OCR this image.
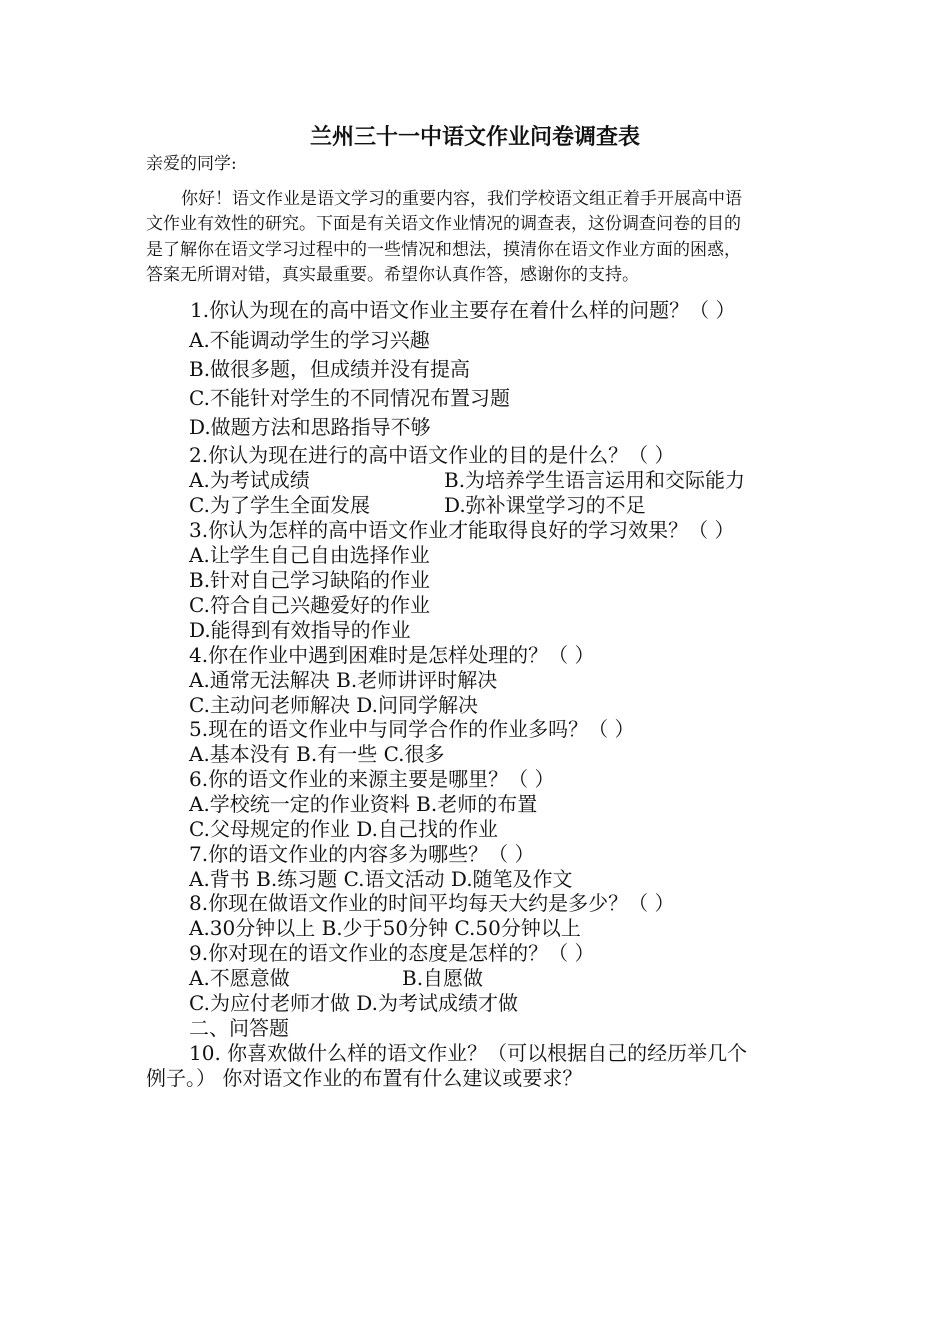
兰州三十一中语文作业问卷调查表
亲爱的同学:
你好！语文作业是语文学习的重要内容，我们学校语文组正着手开展高中语
文作业有效性的研究。下面是有关语文作业情况的调查表，这份调查问卷的目的
是了解你在语文学习过程中的一些情况和想法，摸清你在语文作业方面的困惑，
答案无所谓对错，真实最重要。希望你认真作答，感谢你的支持。
1.你认为现在的高中语文作业主要存在着什么样的问题？（ ）
A.不能调动学生的学习兴趣
B.做很多题，但成绩并没有提高
C.不能针对学生的不同情况布置习题
D.做题方法和思路指导不够
2.你认为现在进行的高中语文作业的目的是什么？（ ）
A.为考试成绩	B.为培养学生语言运用和交际能力
C.为了学生全面发展	D.弥补课堂学习的不足
3.你认为怎样的高中语文作业才能取得良好的学习效果？（ ）
A.让学生自己自由选择作业
B.针对自己学习缺陷的作业
C.符合自己兴趣爱好的作业
D.能得到有效指导的作业
4.你在作业中遇到困难时是怎样处理的？（ ）
A.通常无法解决 B.老师讲评时解决
C.主动问老师解决 D.问同学解决
5.现在的语文作业中与同学合作的作业多吗？（ ）
A.基本没有 B.有一些 C.很多
6.你的语文作业的来源主要是哪里？（ ）
A.学校统一定的作业资料 B.老师的布置
C.父母规定的作业 D.自己找的作业
7.你的语文作业的内容多为哪些？（ ）
A.背书 B.练习题 C.语文活动 D.随笔及作文
8.你现在做语文作业的时间平均每天大约是多少？（ ）
A.30分钟以上 B.少于50分钟 C.50分钟以上
9.你对现在的语文作业的态度是怎样的？（ ）
A.不愿意做	B.自愿做
C.为应付老师才做 D.为考试成绩才做
二、问答题
10. 你喜欢做什么样的语文作业？（可以根据自己的经历举几个
例子。） 你对语文作业的布置有什么建议或要求？
